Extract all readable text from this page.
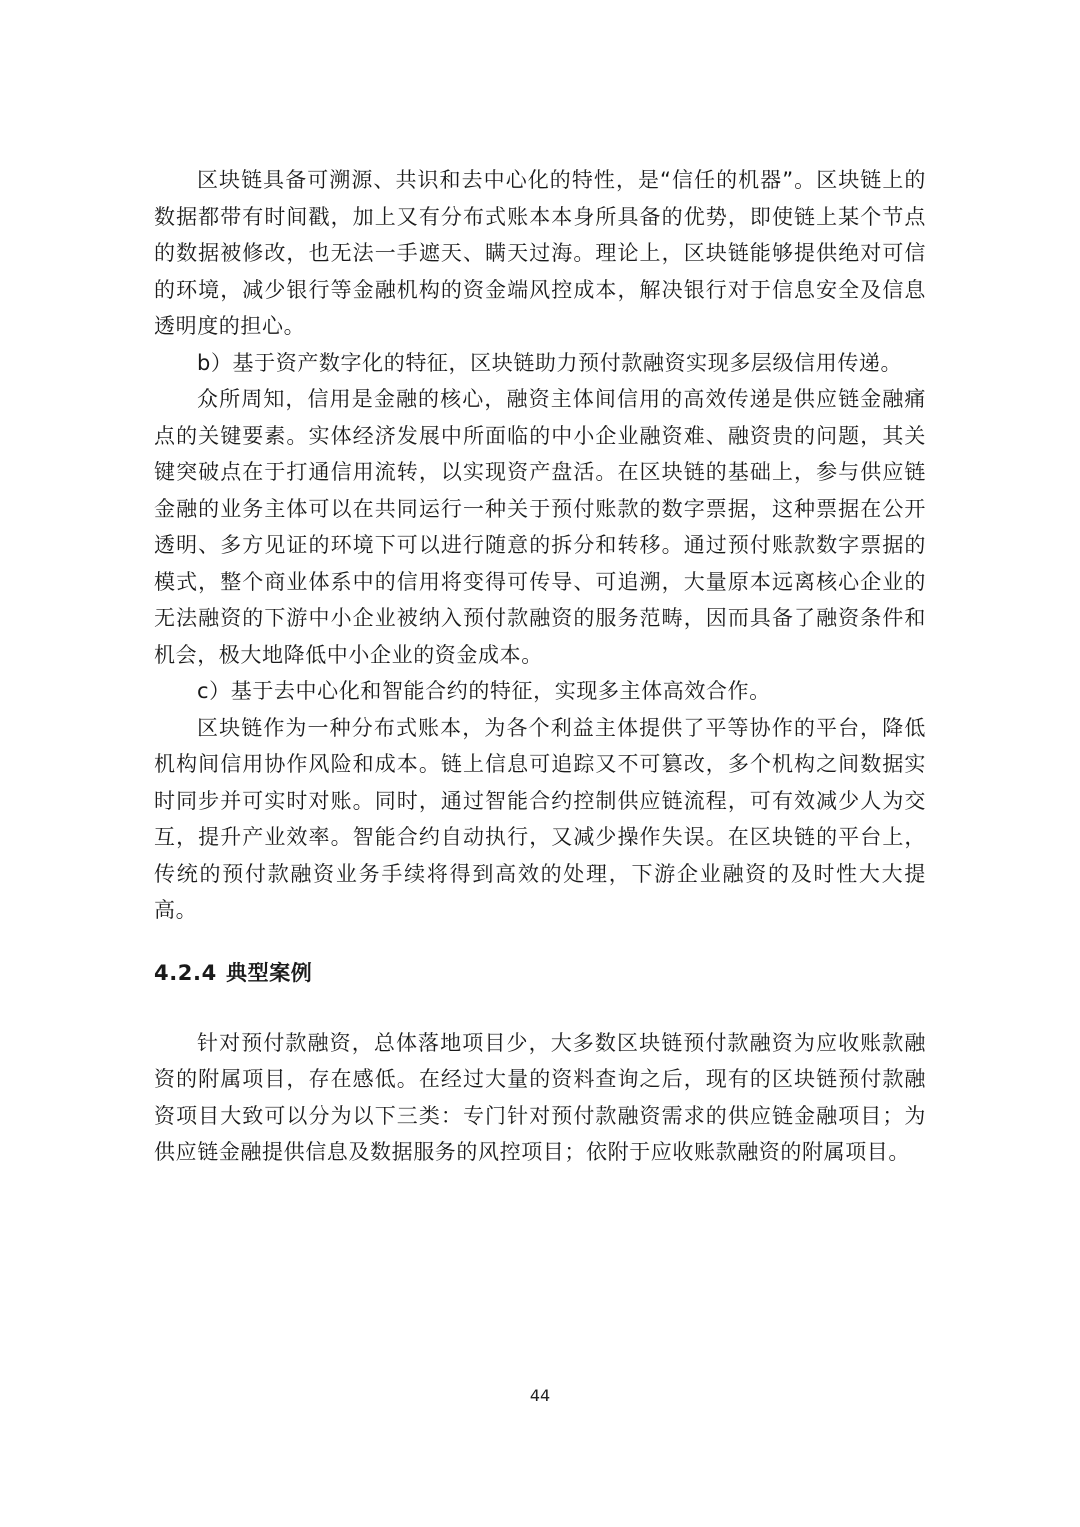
区块链具备可溯源、共识和去中心化的特性，是“信任的机器”。区块链上的数据都带有时间戳，加上又有分布式账本本身所具备的优势，即使链上某个节点的数据被修改，也无法一手遮天、瞒天过海。理论上，区块链能够提供绝对可信的环境，减少银行等金融机构的资金端风控成本，解决银行对于信息安全及信息透明度的担心。

b）基于资产数字化的特征，区块链助力预付款融资实现多层级信用传递。

众所周知，信用是金融的核心，融资主体间信用的高效传递是供应链金融痛点的关键要素。实体经济发展中所面临的中小企业融资难、融资贵的问题，其关键突破点在于打通信用流转，以实现资产盘活。在区块链的基础上，参与供应链金融的业务主体可以在共同运行一种关于预付账款的数字票据，这种票据在公开透明、多方见证的环境下可以进行随意的拆分和转移。通过预付账款数字票据的模式，整个商业体系中的信用将变得可传导、可追溯，大量原本远离核心企业的无法融资的下游中小企业被纳入预付款融资的服务范畴，因而具备了融资条件和机会，极大地降低中小企业的资金成本。

c）基于去中心化和智能合约的特征，实现多主体高效合作。

区块链作为一种分布式账本，为各个利益主体提供了平等协作的平台，降低机构间信用协作风险和成本。链上信息可追踪又不可篡改，多个机构之间数据实时同步并可实时对账。同时，通过智能合约控制供应链流程，可有效减少人为交互，提升产业效率。智能合约自动执行，又减少操作失误。在区块链的平台上，传统的预付款融资业务手续将得到高效的处理，下游企业融资的及时性大大提高。

4.2.4 典型案例

针对预付款融资，总体落地项目少，大多数区块链预付款融资为应收账款融资的附属项目，存在感低。在经过大量的资料查询之后，现有的区块链预付款融资项目大致可以分为以下三类：专门针对预付款融资需求的供应链金融项目；为供应链金融提供信息及数据服务的风控项目；依附于应收账款融资的附属项目。

44
